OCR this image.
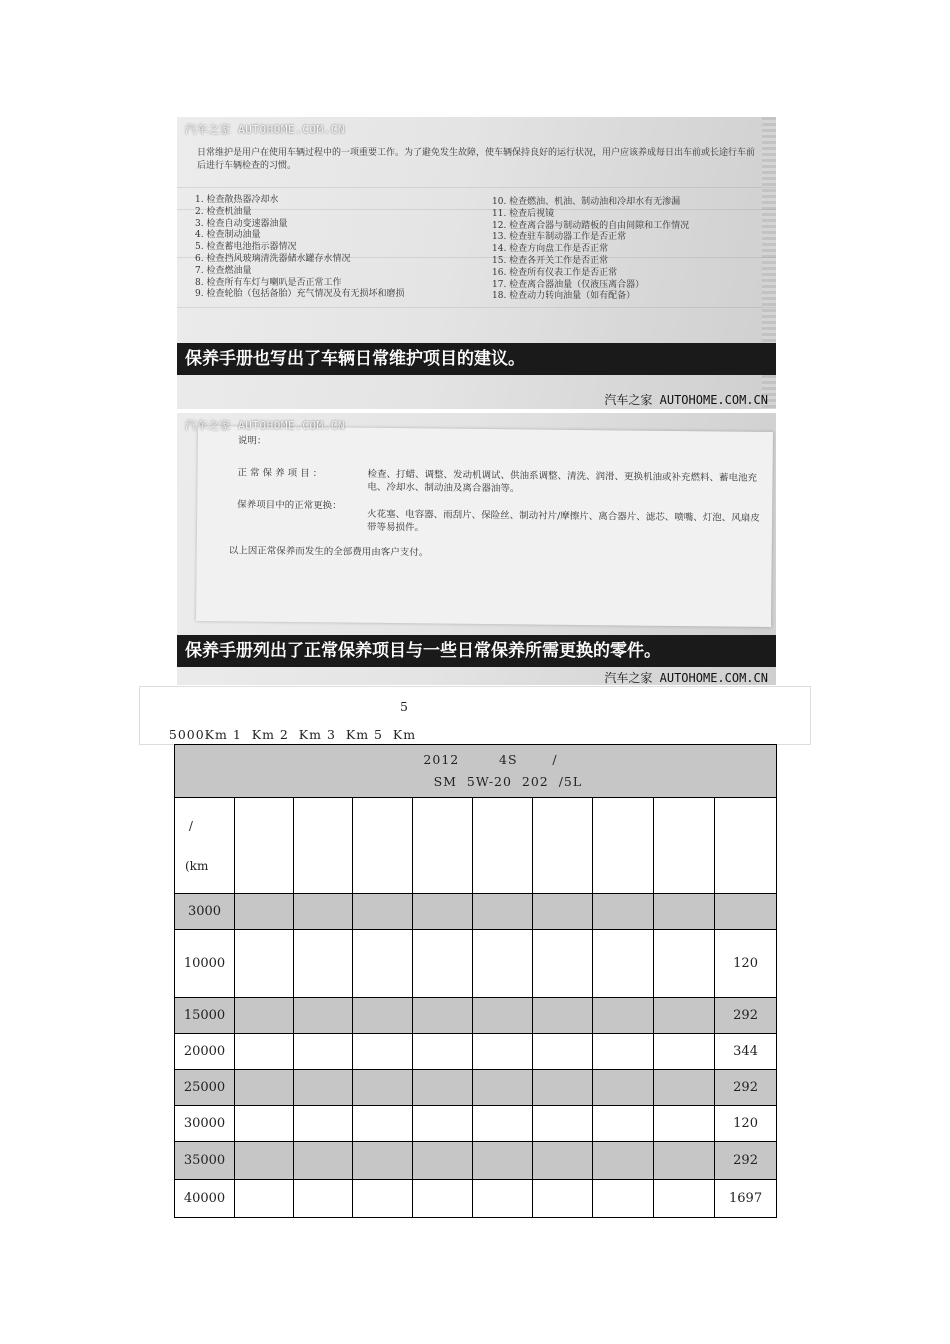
汽车之家 AUTOHOME.COM.CN
日常维护是用户在使用车辆过程中的一项重要工作。为了避免发生故障，使车辆保持良好的运行状况，用户应该养成每日出车前或长途行车前后进行车辆检查的习惯。
1. 检查散热器冷却水
2. 检查机油量
3. 检查自动变速器油量
4. 检查制动油量
5. 检查蓄电池指示器情况
6. 检查挡风玻璃清洗器储水罐存水情况
7. 检查燃油量
8. 检查所有车灯与喇叭是否正常工作
9. 检查轮胎（包括备胎）充气情况及有无损坏和磨损
10. 检查燃油、机油、制动油和冷却水有无渗漏
11. 检查后视镜
12. 检查离合器与制动踏板的自由间隙和工作情况
13. 检查驻车制动器工作是否正常
14. 检查方向盘工作是否正常
15. 检查各开关工作是否正常
16. 检查所有仪表工作是否正常
17. 检查离合器油量（仅液压离合器）
18. 检查动力转向油量（如有配备）
保养手册也写出了车辆日常维护项目的建议。
汽车之家 AUTOHOME.COM.CN
说明：
正 常 保 养 项 目 ：	检查、打蜡、调整、发动机调试、供油系调整、清洗、润滑、更换机油或补充燃料、蓄电池充电、冷却水、制动油及离合器油等。
保养项目中的正常更换：
火花塞、电容器、雨刮片、保险丝、制动衬片/摩擦片、离合器片、滤芯、喷嘴、灯泡、风扇皮带等易损件。
以上因正常保养而发生的全部费用由客户支付。
汽车之家 AUTOHOME.COM.CN
保养手册列出了正常保养项目与一些日常保养所需更换的零件。
汽车之家 AUTOHOME.COM.CN
5￼￼￼￼￼￼￼￼￼￼￼￼￼￼￼￼￼￼￼￼￼￼￼￼
￼￼￼     5000Km￼ 1￼  Km￼ 2￼  Km￼ 3￼  Km￼ 5￼  Km￼￼
￼￼￼￼      2012￼￼￼￼￼￼        4S￼￼￼￼￼       /￼￼￼
￼￼￼￼￼￼￼￼             SM￼  5W-20￼  202￼  /5L									

/

(km￼									
3000									
10000									120
15000									292
20000									344
25000									292
30000									120
35000									292
40000									1697
